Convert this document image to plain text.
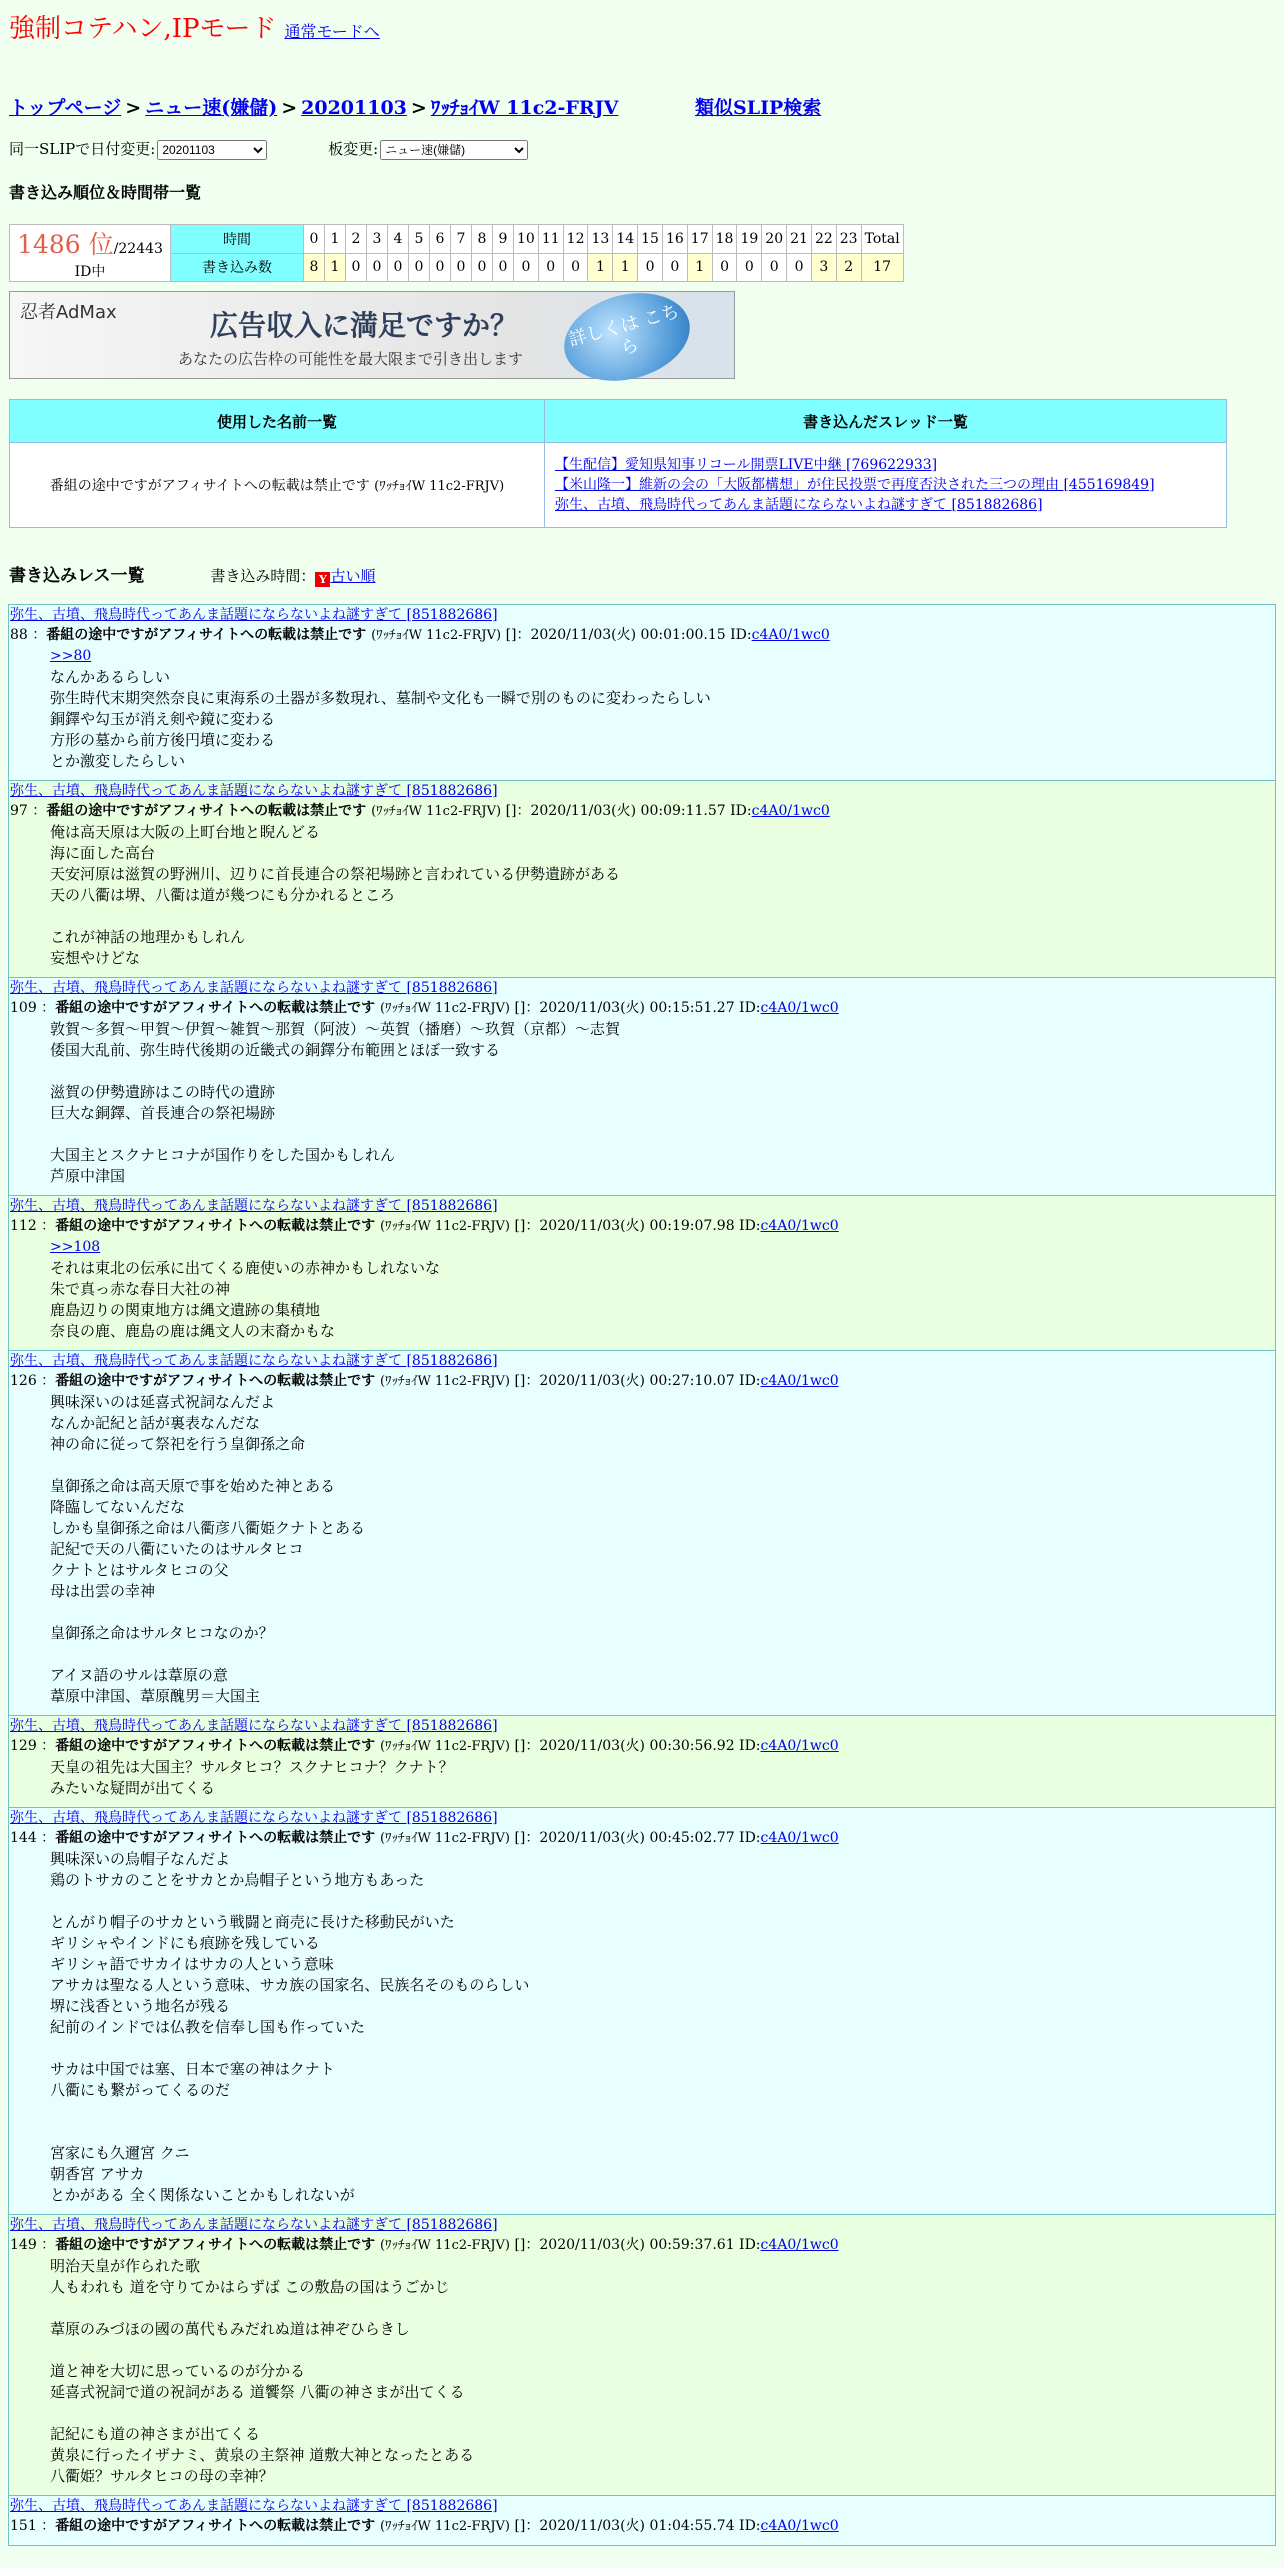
強制コテハン,IPモード 通常モードへ
トップページ > ニュー速(嫌儲) > 20201103 > ﾜｯﾁｮｲW 11c2-FRJV	類似SLIP検索
同一SLIPで日付変更:
20201103	板変更:
ニュー速(嫌儲)
書き込み順位＆時間帯一覧
1486 位/22443 ID中	時間	0	1	2	3	4	5	6	7	8	9	10	11	12	13	14	15	16	17	18	19	20	21	22	23	Total
	書き込み数	8	1	0	0	0	0	0	0	0	0	0	0	0	1	1	0	0	1	0	0	0	0	3	2	17
忍者AdMax	広告収入に満足ですか？
あなたの広告枠の可能性を最大限まで引き出します
詳しくは こちら
使用した名前一覧	書き込んだスレッド一覧
番組の途中ですがアフィサイトへの転載は禁止です (ﾜｯﾁｮｲW 11c2-FRJV)	【生配信】愛知県知事リコール開票LIVE中継 [769622933]
【米山隆一】維新の会の「大阪都構想」が住民投票で再度否決された三つの理由 [455169849]
弥生、古墳、飛鳥時代ってあんま話題にならないよね謎すぎて [851882686]
書き込みレス一覧	書き込み時間： Y 古い順
弥生、古墳、飛鳥時代ってあんま話題にならないよね謎すぎて [851882686]
88 ：番組の途中ですがアフィサイトへの転載は禁止です (ﾜｯﾁｮｲW 11c2-FRJV) []：2020/11/03(火) 00:01:00.15 ID:c4A0/1wc0
>>80
なんかあるらしい
弥生時代末期突然奈良に東海系の土器が多数現れ、墓制や文化も一瞬で別のものに変わったらしい
銅鐸や勾玉が消え剣や鏡に変わる
方形の墓から前方後円墳に変わる
とか激変したらしい
弥生、古墳、飛鳥時代ってあんま話題にならないよね謎すぎて [851882686]
97 ：番組の途中ですがアフィサイトへの転載は禁止です (ﾜｯﾁｮｲW 11c2-FRJV) []：2020/11/03(火) 00:09:11.57 ID:c4A0/1wc0
俺は高天原は大阪の上町台地と睨んどる
海に面した高台
天安河原は滋賀の野洲川、辺りに首長連合の祭祀場跡と言われている伊勢遺跡がある
天の八衢は堺、八衢は道が幾つにも分かれるところ

これが神話の地理かもしれん
妄想やけどな
弥生、古墳、飛鳥時代ってあんま話題にならないよね謎すぎて [851882686]
109 ：番組の途中ですがアフィサイトへの転載は禁止です (ﾜｯﾁｮｲW 11c2-FRJV) []：2020/11/03(火) 00:15:51.27 ID:c4A0/1wc0
敦賀～多賀～甲賀～伊賀～雑賀～那賀（阿波）～英賀（播磨）～玖賀（京都）～志賀
倭国大乱前、弥生時代後期の近畿式の銅鐸分布範囲とほぼ一致する

滋賀の伊勢遺跡はこの時代の遺跡
巨大な銅鐸、首長連合の祭祀場跡

大国主とスクナヒコナが国作りをした国かもしれん
芦原中津国
弥生、古墳、飛鳥時代ってあんま話題にならないよね謎すぎて [851882686]
112 ：番組の途中ですがアフィサイトへの転載は禁止です (ﾜｯﾁｮｲW 11c2-FRJV) []：2020/11/03(火) 00:19:07.98 ID:c4A0/1wc0
>>108
それは東北の伝承に出てくる鹿使いの赤神かもしれないな
朱で真っ赤な春日大社の神
鹿島辺りの関東地方は縄文遺跡の集積地
奈良の鹿、鹿島の鹿は縄文人の末裔かもな
弥生、古墳、飛鳥時代ってあんま話題にならないよね謎すぎて [851882686]
126 ：番組の途中ですがアフィサイトへの転載は禁止です (ﾜｯﾁｮｲW 11c2-FRJV) []：2020/11/03(火) 00:27:10.07 ID:c4A0/1wc0
興味深いのは延喜式祝詞なんだよ
なんか記紀と話が裏表なんだな
神の命に従って祭祀を行う皇御孫之命

皇御孫之命は高天原で事を始めた神とある
降臨してないんだな
しかも皇御孫之命は八衢彦八衢姫クナトとある
記紀で天の八衢にいたのはサルタヒコ
クナトとはサルタヒコの父
母は出雲の幸神

皇御孫之命はサルタヒコなのか？

アイヌ語のサルは葦原の意
葦原中津国、葦原醜男＝大国主
弥生、古墳、飛鳥時代ってあんま話題にならないよね謎すぎて [851882686]
129 ：番組の途中ですがアフィサイトへの転載は禁止です (ﾜｯﾁｮｲW 11c2-FRJV) []：2020/11/03(火) 00:30:56.92 ID:c4A0/1wc0
天皇の祖先は大国主？サルタヒコ？スクナヒコナ？クナト？
みたいな疑問が出てくる
弥生、古墳、飛鳥時代ってあんま話題にならないよね謎すぎて [851882686]
144 ：番組の途中ですがアフィサイトへの転載は禁止です (ﾜｯﾁｮｲW 11c2-FRJV) []：2020/11/03(火) 00:45:02.77 ID:c4A0/1wc0
興味深いの烏帽子なんだよ
鶏のトサカのことをサカとか烏帽子という地方もあった

とんがり帽子のサカという戦闘と商売に長けた移動民がいた
ギリシャやインドにも痕跡を残している
ギリシャ語でサカイはサカの人という意味
アサカは聖なる人という意味、サカ族の国家名、民族名そのものらしい
堺に浅香という地名が残る
紀前のインドでは仏教を信奉し国も作っていた

サカは中国では塞、日本で塞の神はクナト
八衢にも繋がってくるのだ

宮家にも久邇宮 クニ
朝香宮 アサカ
とかがある 全く関係ないことかもしれないが
弥生、古墳、飛鳥時代ってあんま話題にならないよね謎すぎて [851882686]
149 ：番組の途中ですがアフィサイトへの転載は禁止です (ﾜｯﾁｮｲW 11c2-FRJV) []：2020/11/03(火) 00:59:37.61 ID:c4A0/1wc0
明治天皇が作られた歌
人もわれも 道を守りてかはらずば この敷島の国はうごかじ

葦原のみづほの國の萬代もみだれぬ道は神ぞひらきし

道と神を大切に思っているのが分かる
延喜式祝詞で道の祝詞がある 道饗祭 八衢の神さまが出てくる

記紀にも道の神さまが出てくる
黄泉に行ったイザナミ、黄泉の主祭神 道敷大神となったとある
八衢姫？サルタヒコの母の幸神？
弥生、古墳、飛鳥時代ってあんま話題にならないよね謎すぎて [851882686]
151 ：番組の途中ですがアフィサイトへの転載は禁止です (ﾜｯﾁｮｲW 11c2-FRJV) []：2020/11/03(火) 01:04:55.74 ID:c4A0/1wc0
